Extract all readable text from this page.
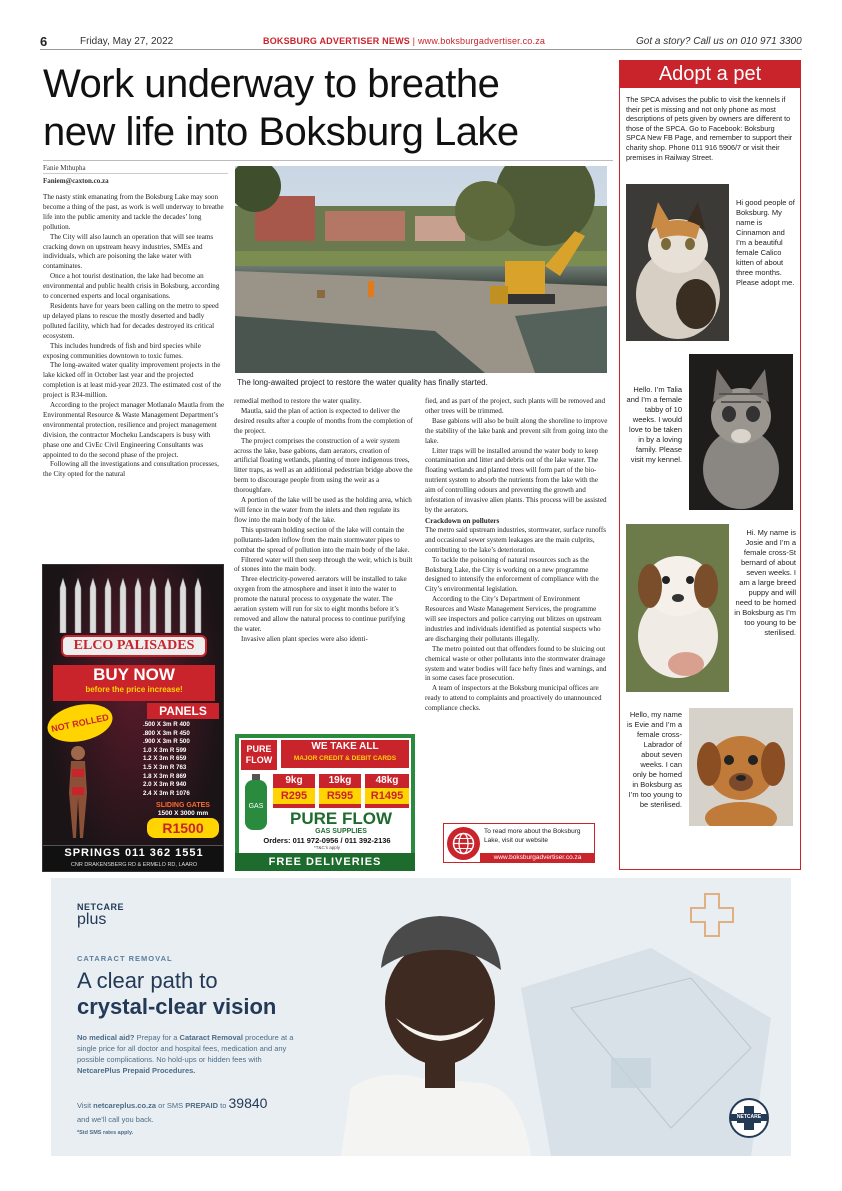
6	Friday, May 27, 2022	BOKSBURG ADVERTISER NEWS | www.boksburgadvertiser.co.za	Got a story? Call us on 010 971 3300
Work underway to breathe
new life into Boksburg Lake
Fanie Mthupha
Faniem@caxton.co.za

The nasty stink emanating from the Boksburg Lake may soon become a thing of the past, as work is well underway to breathe life into the public amenity and tackle the decades’ long pollution.

The City will also launch an operation that will see teams cracking down on upstream heavy industries, SMEs and individuals, which are poisoning the lake water with contaminates.

Once a hot tourist destination, the lake had become an environmental and public health crisis in Boksburg, according to concerned experts and local organisations.

Residents have for years been calling on the metro to speed up delayed plans to rescue the mostly deserted and badly polluted facility, which had for decades destroyed its critical ecosystem.

This includes hundreds of fish and bird species while exposing communities downtown to toxic fumes.

The long-awaited water quality improvement projects in the lake kicked off in October last year and the projected completion is at least mid-year 2023. The estimated cost of the project is R34-million.

According to the project manager Motlanalo Mautla from the Environmental Resource & Waste Management Department’s environmental protection, resilience and project management division, the contractor Mocheku Landscapers is busy with phase one and CivEc Civil Engineering Consultants was appointed to do the second phase of the project.

Following all the investigations and consultation processes, the City opted for the natural

The long-awaited project to restore the water quality has finally started.

remedial method to restore the water quality.

Mautla, said the plan of action is expected to deliver the desired results after a couple of months from the completion of the project.

The project comprises the construction of a weir system across the lake, base gabions, dam aerators, creation of artificial floating wetlands, planting of more indigenous trees, litter traps, as well as an additional pedestrian bridge above the berm to discourage people from using the weir as a thoroughfare.

A portion of the lake will be used as the holding area, which will fence in the water from the inlets and then regulate its flow into the main body of the lake.

This upstream holding section of the lake will contain the pollutants-laden inflow from the main stormwater pipes to combat the spread of pollution into the main body of the lake.

Filtered water will then seep through the weir, which is built of stones into the main body.

Three electricity-powered aerators will be installed to take oxygen from the atmosphere and inset it into the water to promote the natural process to oxygenate the water. The aeration system will run for six to eight months before it’s removed and allow the natural process to continue purifying the water.

Invasive alien plant species were also identi-

fied, and as part of the project, such plants will be removed and other trees will be trimmed.

Base gabions will also be built along the shoreline to improve the stability of the lake bank and prevent silt from going into the lake.

Litter traps will be installed around the water body to keep contamination and litter and debris out of the lake water. The floating wetlands and planted trees will form part of the bio-nutrient system to absorb the nutrients from the lake with the aim of controlling odours and preventing the growth and infestation of invasive alien plants. This process will be assisted by the aerators.

Crackdown on polluters

The metro said upstream industries, stormwater, surface runoffs and occasional sewer system leakages are the main culprits, contributing to the lake’s deterioration.

To tackle the poisoning of natural resources such as the Boksburg Lake, the City is working on a new programme designed to intensify the enforcement of compliance with the City’s environmental legislation.

According to the City’s Department of Environment Resources and Waste Management Services, the programme will see inspectors and police carrying out blitzes on upstream industries and individuals identified as potential suspects who are discharging their pollutants illegally.

The metro pointed out that offenders found to be sluicing out chemical waste or other pollutants into the stormwater drainage system and water bodies will face hefty fines and warnings, and in some cases face prosecution.

A team of inspectors at the Boksburg municipal offices are ready to attend to complaints and proactively do unannounced compliance checks.

To read more about the Boksburg Lake, visit our website
www.boksburgadvertiser.co.za
ELCO PALISADES
BUY NOW
before the price increase!
NOT ROLLED
PANELS
.500 X 3m R 400
.800 X 3m R 450
.900 X 3m R 500
1.0 X 3m R 599
1.2 X 3m R 659
1.5 X 3m R 763
1.8 X 3m R 869
2.0 X 3m R 940
2.4 X 3m R 1076
SLIDING GATES
1500 X 3000 mm
R1500
SPRINGS 011 362 1551
CNR DRAKENSBERG RD & ERMELO RD, LAARO
PURE FLOW
WE TAKE ALL
MAJOR CREDIT & DEBIT CARDS
GAS
9kg
R295
19kg
R595
48kg
R1495
PURE FLOW
GAS SUPPLIES
Orders: 011 972-0956 / 011 392-2136
*T&C’s apply
FREE DELIVERIES
Adopt a pet
The SPCA advises the public to visit the kennels if their pet is missing and not only phone as most descriptions of pets given by owners are different to those of the SPCA. Go to Facebook: Boksburg SPCA New FB Page, and remember to support their charity shop. Phone 011 916 5906/7 or visit their premises in Railway Street.
Hi good people of Boksburg. My name is Cinnamon and I’m a beautiful female Calico kitten of about three months. Please adopt me.
Hello. I’m Talia and I’m a female tabby of 10 weeks. I would love to be taken in by a loving family. Please visit my kennel.
Hi. My name is Josie and I’m a female cross-St bernard of about seven weeks. I am a large breed puppy and will need to be homed in Boksburg as I’m too young to be sterilised.
Hello, my name is Evie and I’m a female cross-Labrador of about seven weeks. I can only be homed in Boksburg as I’m too young to be sterilised.
NETCARE
plus
CATARACT REMOVAL
A clear path to
crystal-clear vision
No medical aid? Prepay for a Cataract Removal procedure at a single price for all doctor and hospital fees, medication and any possible complications. No hold-ups or hidden fees with NetcarePlus Prepaid Procedures.
Visit netcareplus.co.za or SMS PREPAID to 39840
and we’ll call you back.
*Std SMS rates apply.
NETCARE
